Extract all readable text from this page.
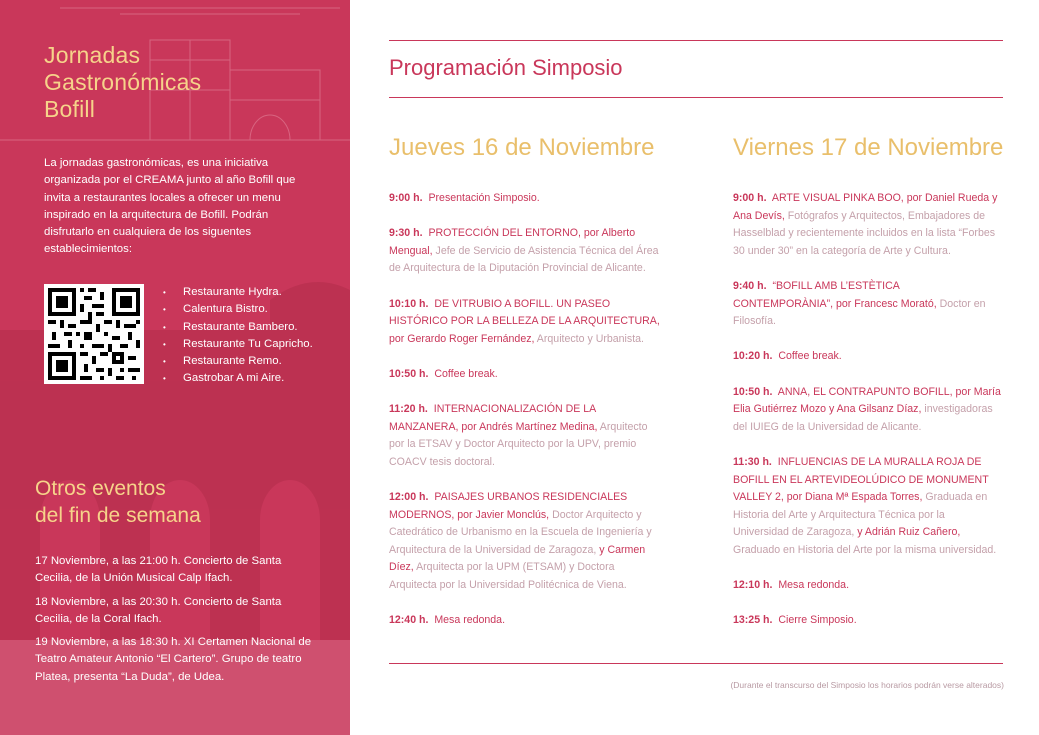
Jornadas
Gastronómicas
Bofill
La jornadas gastronómicas, es una iniciativa organizada por el CREAMA junto al año Bofill que invita a restaurantes locales a ofrecer un menu inspirado en la arquitectura de Bofill. Podrán disfrutarlo en cualquiera de los siguentes establecimientos:
• Restaurante Hydra.
• Calentura Bistro.
• Restaurante Bambero.
• Restaurante Tu Capricho.
• Restaurante Remo.
• Gastrobar A mi Aire.
Otros eventos
del fin de semana

17 Noviembre, a las 21:00 h. Concierto de Santa Cecilia, de la Unión Musical Calp Ifach.

18 Noviembre, a las 20:30 h. Concierto de Santa Cecilia, de la Coral Ifach.

19 Noviembre, a las 18:30 h. XI Certamen Nacional de Teatro Amateur Antonio “El Cartero”. Grupo de teatro Platea, presenta “La Duda”, de Udea.

Programación Simposio
Jueves 16 de Noviembre	Viernes 17 de Noviembre
9:00 h. Presentación Simposio.
9:30 h. PROTECCIÓN DEL ENTORNO, por Alberto Mengual, Jefe de Servicio de Asistencia Técnica del Área de Arquitectura de la Diputación Provincial de Alicante.
10:10 h. DE VITRUBIO A BOFILL. UN PASEO HISTÓRICO POR LA BELLEZA DE LA ARQUITECTURA, por Gerardo Roger Fernández, Arquitecto y Urbanista.
10:50 h. Coffee break.
11:20 h. INTERNACIONALIZACIÓN DE LA MANZANERA, por Andrés Martínez Medina, Arquitecto por la ETSAV y Doctor Arquitecto por la UPV, premio COACV tesis doctoral.
12:00 h. PAISAJES URBANOS RESIDENCIALES MODERNOS, por Javier Monclús, Doctor Arquitecto y Catedrático de Urbanismo en la Escuela de Ingeniería y Arquitectura de la Universidad de Zaragoza, y Carmen Díez, Arquitecta por la UPM (ETSAM) y Doctora Arquitecta por la Universidad Politécnica de Viena.
12:40 h. Mesa redonda.
9:00 h. ARTE VISUAL PINKA BOO, por Daniel Rueda y Ana Devís, Fotógrafos y Arquitectos, Embajadores de Hasselblad y recientemente incluidos en la lista “Forbes 30 under 30” en la categoría de Arte y Cultura.
9:40 h. “BOFILL AMB L’ESTÈTICA CONTEMPORÀNIA”, por Francesc Morató, Doctor en Filosofía.
10:20 h. Coffee break.
10:50 h. ANNA, EL CONTRAPUNTO BOFILL, por María Elia Gutiérrez Mozo y Ana Gilsanz Díaz, investigadoras del IUIEG de la Universidad de Alicante.
11:30 h. INFLUENCIAS DE LA MURALLA ROJA DE BOFILL EN EL ARTEVIDEOLÚDICO DE MONUMENT VALLEY 2, por Diana Mª Espada Torres, Graduada en Historia del Arte y Arquitectura Técnica por la Universidad de Zaragoza, y Adrián Ruiz Cañero, Graduado en Historia del Arte por la misma universidad.
12:10 h. Mesa redonda.
13:25 h. Cierre Simposio.
(Durante el transcurso del Simposio los horarios podrán verse alterados)
